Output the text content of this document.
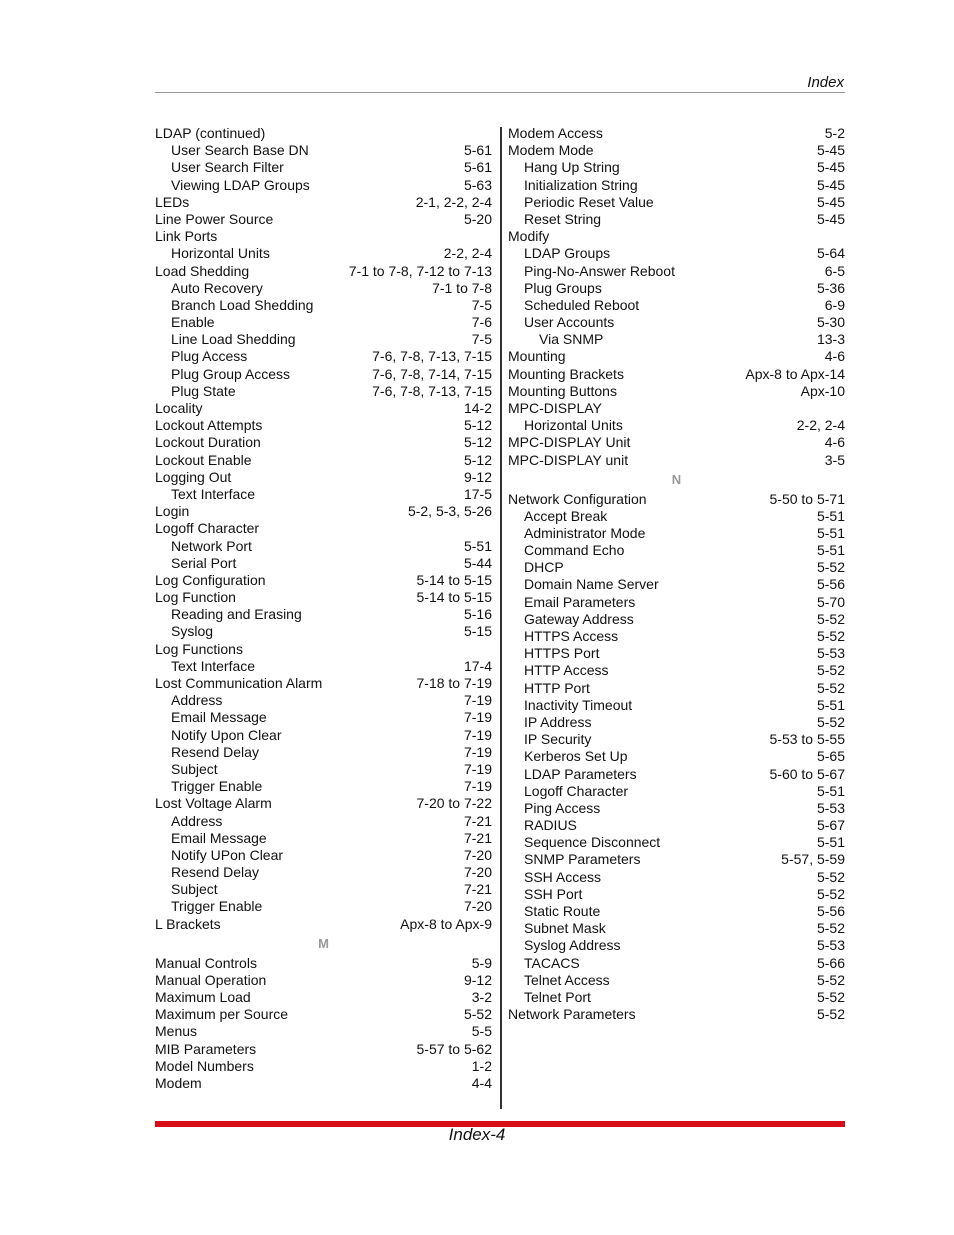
Index
LDAP (continued)
User Search Base DN	5-61
User Search Filter	5-61
Viewing LDAP Groups	5-63
LEDs	2-1, 2-2, 2-4
Line Power Source	5-20
Link Ports
Horizontal Units	2-2, 2-4
Load Shedding	7-1 to 7-8, 7-12 to 7-13
Auto Recovery	7-1 to 7-8
Branch Load Shedding	7-5
Enable	7-6
Line Load Shedding	7-5
Plug Access	7-6, 7-8, 7-13, 7-15
Plug Group Access	7-6, 7-8, 7-14, 7-15
Plug State	7-6, 7-8, 7-13, 7-15
Locality	14-2
Lockout Attempts	5-12
Lockout Duration	5-12
Lockout Enable	5-12
Logging Out	9-12
Text Interface	17-5
Login	5-2, 5-3, 5-26
Logoff Character
Network Port	5-51
Serial Port	5-44
Log Configuration	5-14 to 5-15
Log Function	5-14 to 5-15
Reading and Erasing	5-16
Syslog	5-15
Log Functions
Text Interface	17-4
Lost Communication Alarm	7-18 to 7-19
Address	7-19
Email Message	7-19
Notify Upon Clear	7-19
Resend Delay	7-19
Subject	7-19
Trigger Enable	7-19
Lost Voltage Alarm	7-20 to 7-22
Address	7-21
Email Message	7-21
Notify UPon Clear	7-20
Resend Delay	7-20
Subject	7-21
Trigger Enable	7-20
L Brackets	Apx-8 to Apx-9
M
Manual Controls	5-9
Manual Operation	9-12
Maximum Load	3-2
Maximum per Source	5-52
Menus	5-5
MIB Parameters	5-57 to 5-62
Model Numbers	1-2
Modem	4-4
Modem Access	5-2
Modem Mode	5-45
Hang Up String	5-45
Initialization String	5-45
Periodic Reset Value	5-45
Reset String	5-45
Modify
LDAP Groups	5-64
Ping-No-Answer Reboot	6-5
Plug Groups	5-36
Scheduled Reboot	6-9
User Accounts	5-30
Via SNMP	13-3
Mounting	4-6
Mounting Brackets	Apx-8 to Apx-14
Mounting Buttons	Apx-10
MPC-DISPLAY
Horizontal Units	2-2, 2-4
MPC-DISPLAY Unit	4-6
MPC-DISPLAY unit	3-5
N
Network Configuration	5-50 to 5-71
Accept Break	5-51
Administrator Mode	5-51
Command Echo	5-51
DHCP	5-52
Domain Name Server	5-56
Email Parameters	5-70
Gateway Address	5-52
HTTPS Access	5-52
HTTPS Port	5-53
HTTP Access	5-52
HTTP Port	5-52
Inactivity Timeout	5-51
IP Address	5-52
IP Security	5-53 to 5-55
Kerberos Set Up	5-65
LDAP Parameters	5-60 to 5-67
Logoff Character	5-51
Ping Access	5-53
RADIUS	5-67
Sequence Disconnect	5-51
SNMP Parameters	5-57, 5-59
SSH Access	5-52
SSH Port	5-52
Static Route	5-56
Subnet Mask	5-52
Syslog Address	5-53
TACACS	5-66
Telnet Access	5-52
Telnet Port	5-52
Network Parameters	5-52
Index-4
